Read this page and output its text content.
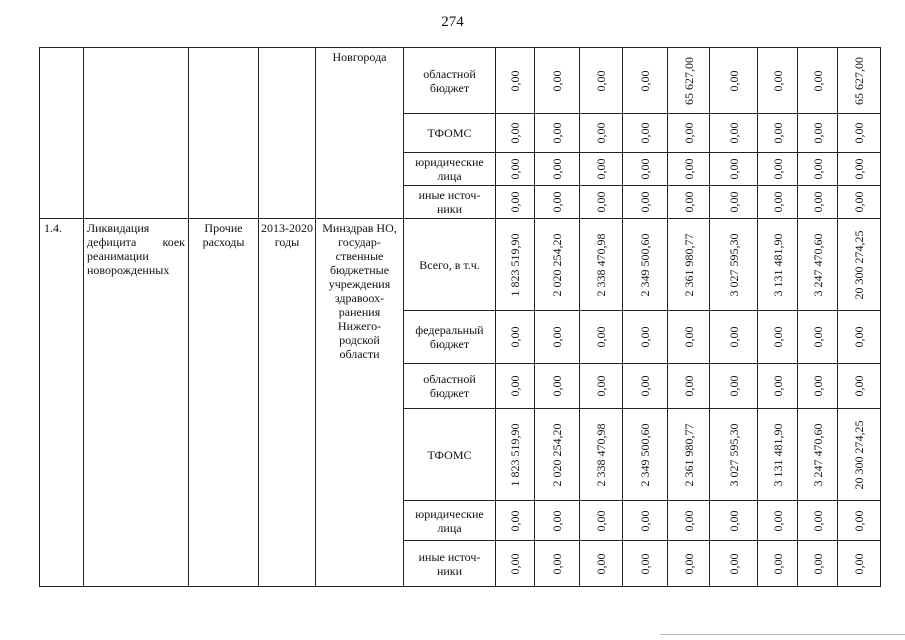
274
				Новгорода	областной бюджет	0,00	0,00	0,00	0,00	65 627,00	0,00	0,00	0,00	65 627,00

					ТФОМС	0,00	0,00	0,00	0,00	0,00	0,00	0,00	0,00	0,00

					юридические лица	0,00	0,00	0,00	0,00	0,00	0,00	0,00	0,00	0,00

					иные источ-ники	0,00	0,00	0,00	0,00	0,00	0,00	0,00	0,00	0,00

1.4.	Ликвидация
дефицита коек
реанимации
новорожденных	Прочие расходы	2013-2020 годы	Минздрав НО, государ-ственные бюджетные учреждения здравоох-ранения Нижего-родской области	Всего, в т.ч.	1 823 519,90	2 020 254,20	2 338 470,98	2 349 500,60	2 361 980,77	3 027 595,30	3 131 481,90	3 247 470,60	20 300 274,25

					федеральный бюджет	0,00	0,00	0,00	0,00	0,00	0,00	0,00	0,00	0,00

					областной бюджет	0,00	0,00	0,00	0,00	0,00	0,00	0,00	0,00	0,00

					ТФОМС	1 823 519,90	2 020 254,20	2 338 470,98	2 349 500,60	2 361 980,77	3 027 595,30	3 131 481,90	3 247 470,60	20 300 274,25

					юридические лица	0,00	0,00	0,00	0,00	0,00	0,00	0,00	0,00	0,00

					иные источ-ники	0,00	0,00	0,00	0,00	0,00	0,00	0,00	0,00	0,00
